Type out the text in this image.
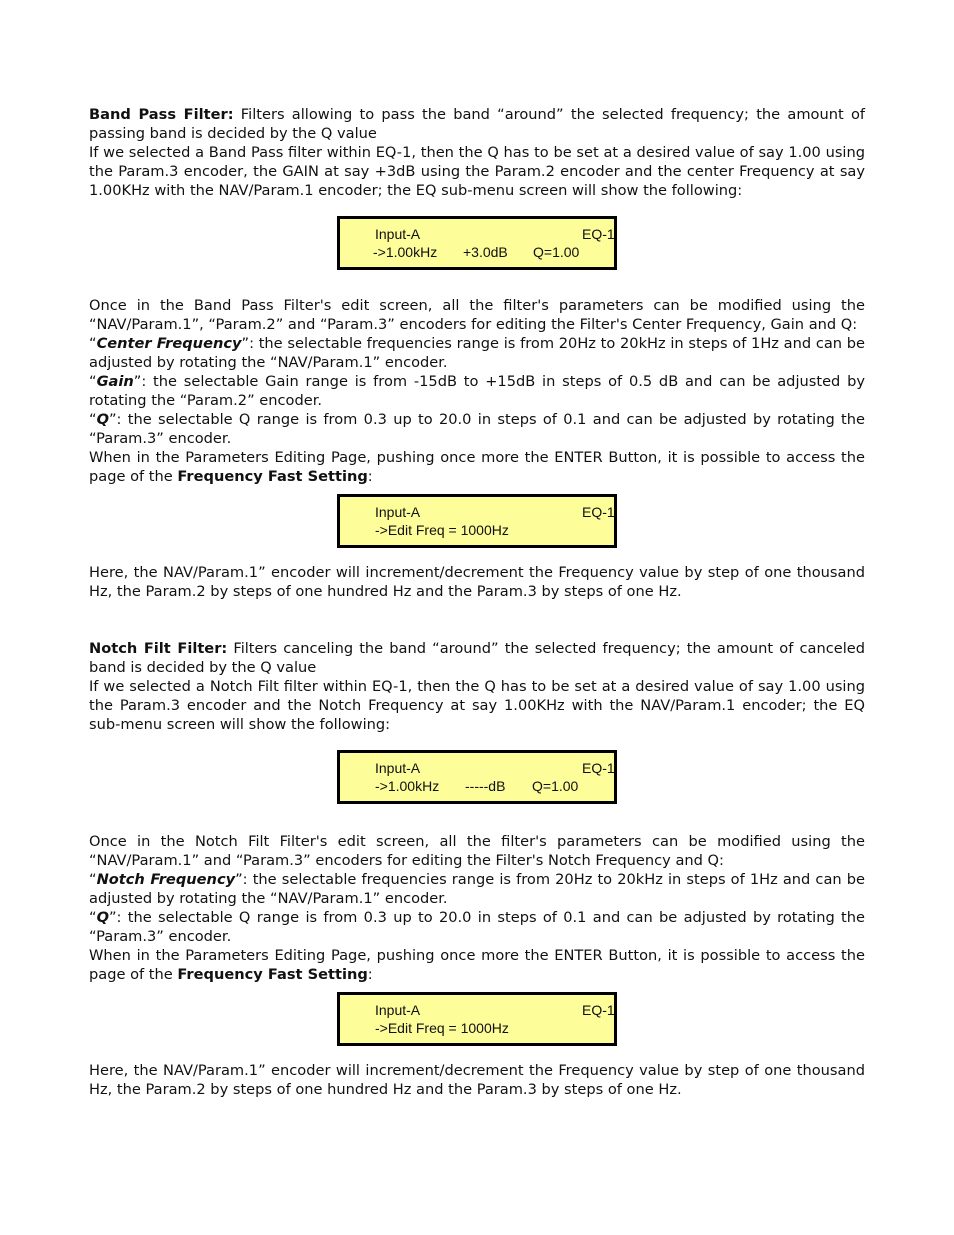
Band Pass Filter: Filters allowing to pass the band “around” the selected frequency; the amount of passing band is decided by the Q value

If we selected a Band Pass filter within EQ-1, then the Q has to be set at a desired value of say 1.00 using the Param.3 encoder, the GAIN at say +3dB using the Param.2 encoder and the center Frequency at say 1.00KHz with the NAV/Param.1 encoder; the EQ sub-menu screen will show the following:

Input-A	EQ-1
->1.00kHz +3.0dB Q=1.00

Once in the Band Pass Filter's edit screen, all the filter's parameters can be modified using the “NAV/Param.1”, “Param.2” and “Param.3” encoders for editing the Filter's Center Frequency, Gain and Q:

“Center Frequency”: the selectable frequencies range is from 20Hz to 20kHz in steps of 1Hz and can be adjusted by rotating the “NAV/Param.1” encoder.

“Gain”: the selectable Gain range is from -15dB to +15dB in steps of 0.5 dB and can be adjusted by rotating the “Param.2” encoder.

“Q”: the selectable Q range is from 0.3 up to 20.0 in steps of 0.1 and can be adjusted by rotating the “Param.3” encoder.

When in the Parameters Editing Page, pushing once more the ENTER Button, it is possible to access the page of the Frequency Fast Setting:

Input-A	EQ-1
->Edit Freq = 1000Hz

Here, the NAV/Param.1” encoder will increment/decrement the Frequency value by step of one thousand Hz, the Param.2 by steps of one hundred Hz and the Param.3 by steps of one Hz.

Notch Filt Filter: Filters canceling the band “around” the selected frequency; the amount of canceled band is decided by the Q value

If we selected a Notch Filt filter within EQ-1, then the Q has to be set at a desired value of say 1.00 using the Param.3 encoder and the Notch Frequency at say 1.00KHz with the NAV/Param.1 encoder; the EQ sub-menu screen will show the following:

Input-A	EQ-1
->1.00kHz -----dB Q=1.00

Once in the Notch Filt Filter's edit screen, all the filter's parameters can be modified using the “NAV/Param.1” and “Param.3” encoders for editing the Filter's Notch Frequency and Q:

“Notch Frequency”: the selectable frequencies range is from 20Hz to 20kHz in steps of 1Hz and can be adjusted by rotating the “NAV/Param.1” encoder.

“Q”: the selectable Q range is from 0.3 up to 20.0 in steps of 0.1 and can be adjusted by rotating the “Param.3” encoder.

When in the Parameters Editing Page, pushing once more the ENTER Button, it is possible to access the page of the Frequency Fast Setting:

Input-A	EQ-1
->Edit Freq = 1000Hz

Here, the NAV/Param.1” encoder will increment/decrement the Frequency value by step of one thousand Hz, the Param.2 by steps of one hundred Hz and the Param.3 by steps of one Hz.
